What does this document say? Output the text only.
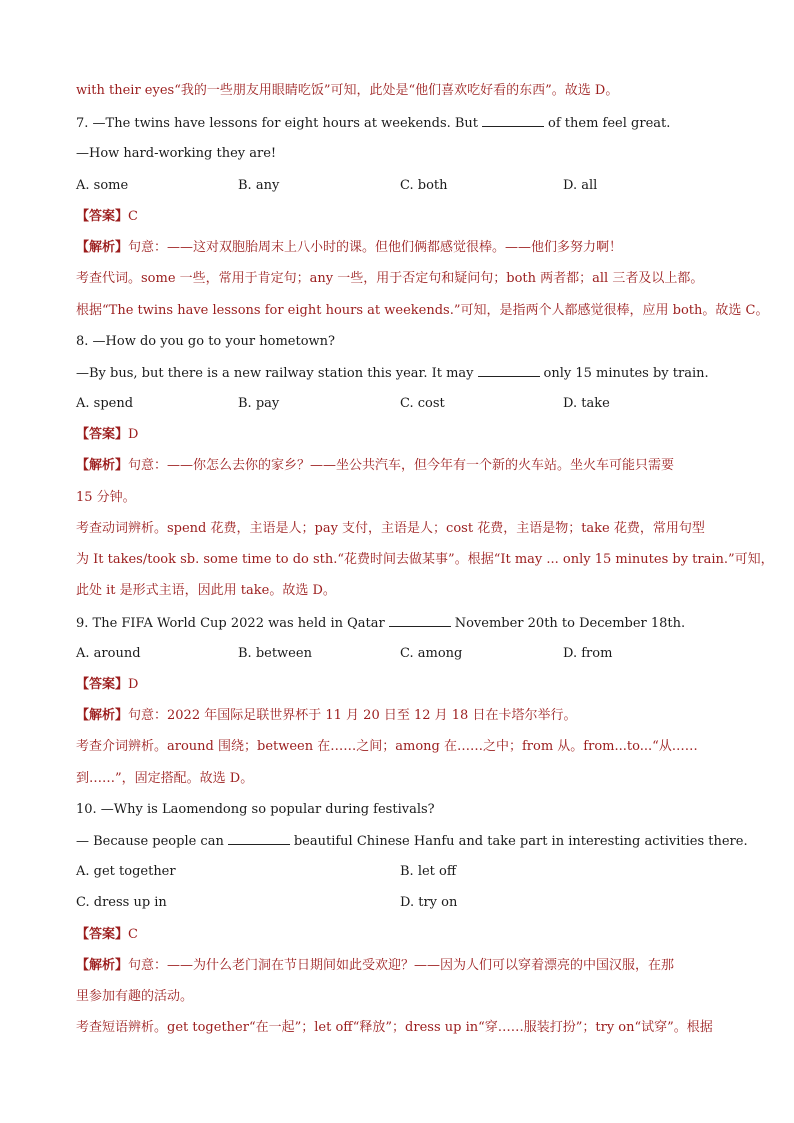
with their eyes“我的一些朋友用眼睛吃饭”可知，此处是“他们喜欢吃好看的东西”。故选 D。
7. —The twins have lessons for eight hours at weekends. But	of them feel great.
—How hard-working they are!
A. some	B. any	C. both	D. all
【答案】C
【解析】句意：——这对双胞胎周末上八小时的课。但他们俩都感觉很棒。——他们多努力啊！
考查代词。some 一些，常用于肯定句；any 一些，用于否定句和疑问句；both 两者都；all 三者及以上都。
根据“The twins have lessons for eight hours at weekends.”可知，是指两个人都感觉很棒，应用 both。故选 C。
8. —How do you go to your hometown?
—By bus, but there is a new railway station this year. It may	only 15 minutes by train.
A. spend	B. pay	C. cost	D. take
【答案】D
【解析】句意：——你怎么去你的家乡？——坐公共汽车，但今年有一个新的火车站。坐火车可能只需要
15 分钟。
考查动词辨析。spend 花费，主语是人；pay 支付，主语是人；cost 花费，主语是物；take 花费，常用句型
为 It takes/took sb. some time to do sth.“花费时间去做某事”。根据“It may ... only 15 minutes by train.”可知，
此处 it 是形式主语，因此用 take。故选 D。
9. The FIFA World Cup 2022 was held in Qatar	November 20th to December 18th.
A. around	B. between	C. among	D. from
【答案】D
【解析】句意：2022 年国际足联世界杯于 11 月 20 日至 12 月 18 日在卡塔尔举行。
考查介词辨析。around 围绕；between 在……之间；among 在……之中；from 从。from...to...“从……
到……”，固定搭配。故选 D。
10. —Why is Laomendong so popular during festivals?
— Because people can	beautiful Chinese Hanfu and take part in interesting activities there.
A. get together	B. let off
C. dress up in	D. try on
【答案】C
【解析】句意：——为什么老门洞在节日期间如此受欢迎？——因为人们可以穿着漂亮的中国汉服，在那
里参加有趣的活动。
考查短语辨析。get together“在一起”；let off“释放”；dress up in“穿……服装打扮”；try on“试穿”。根据
